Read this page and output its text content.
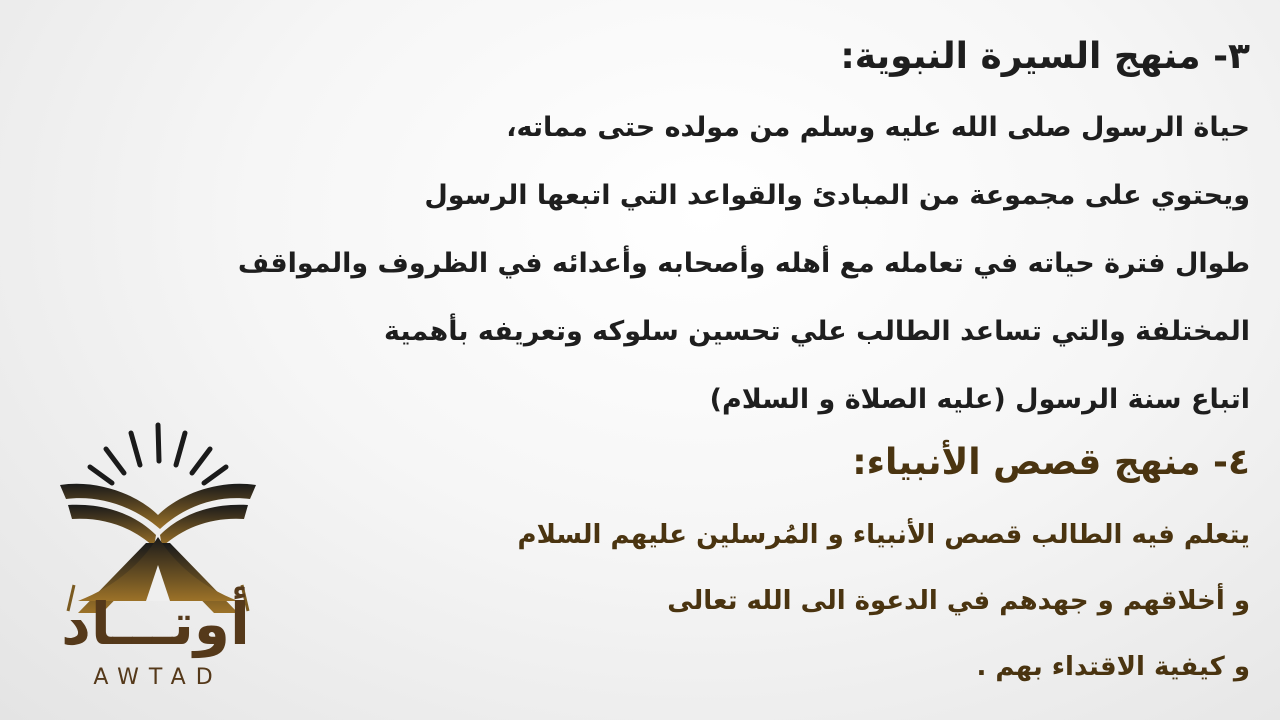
٣- منهج السيرة النبوية:

حياة الرسول صلى الله عليه وسلم من مولده حتى مماته،

ويحتوي على مجموعة من المبادئ والقواعد التي اتبعها الرسول

طوال فترة حياته في تعامله مع أهله وأصحابه وأعدائه في الظروف والمواقف

المختلفة والتي تساعد الطالب علي تحسين سلوكه وتعريفه بأهمية

اتباع سنة الرسول (عليه الصلاة و السلام)

٤- منهج قصص الأنبياء:

يتعلم فيه الطالب قصص الأنبياء و المُرسلين عليهم السلام

و أخلاقهم و جهدهم في الدعوة الى الله تعالى

و كيفية الاقتداء بهم .

أوتـــاد
AWTAD
